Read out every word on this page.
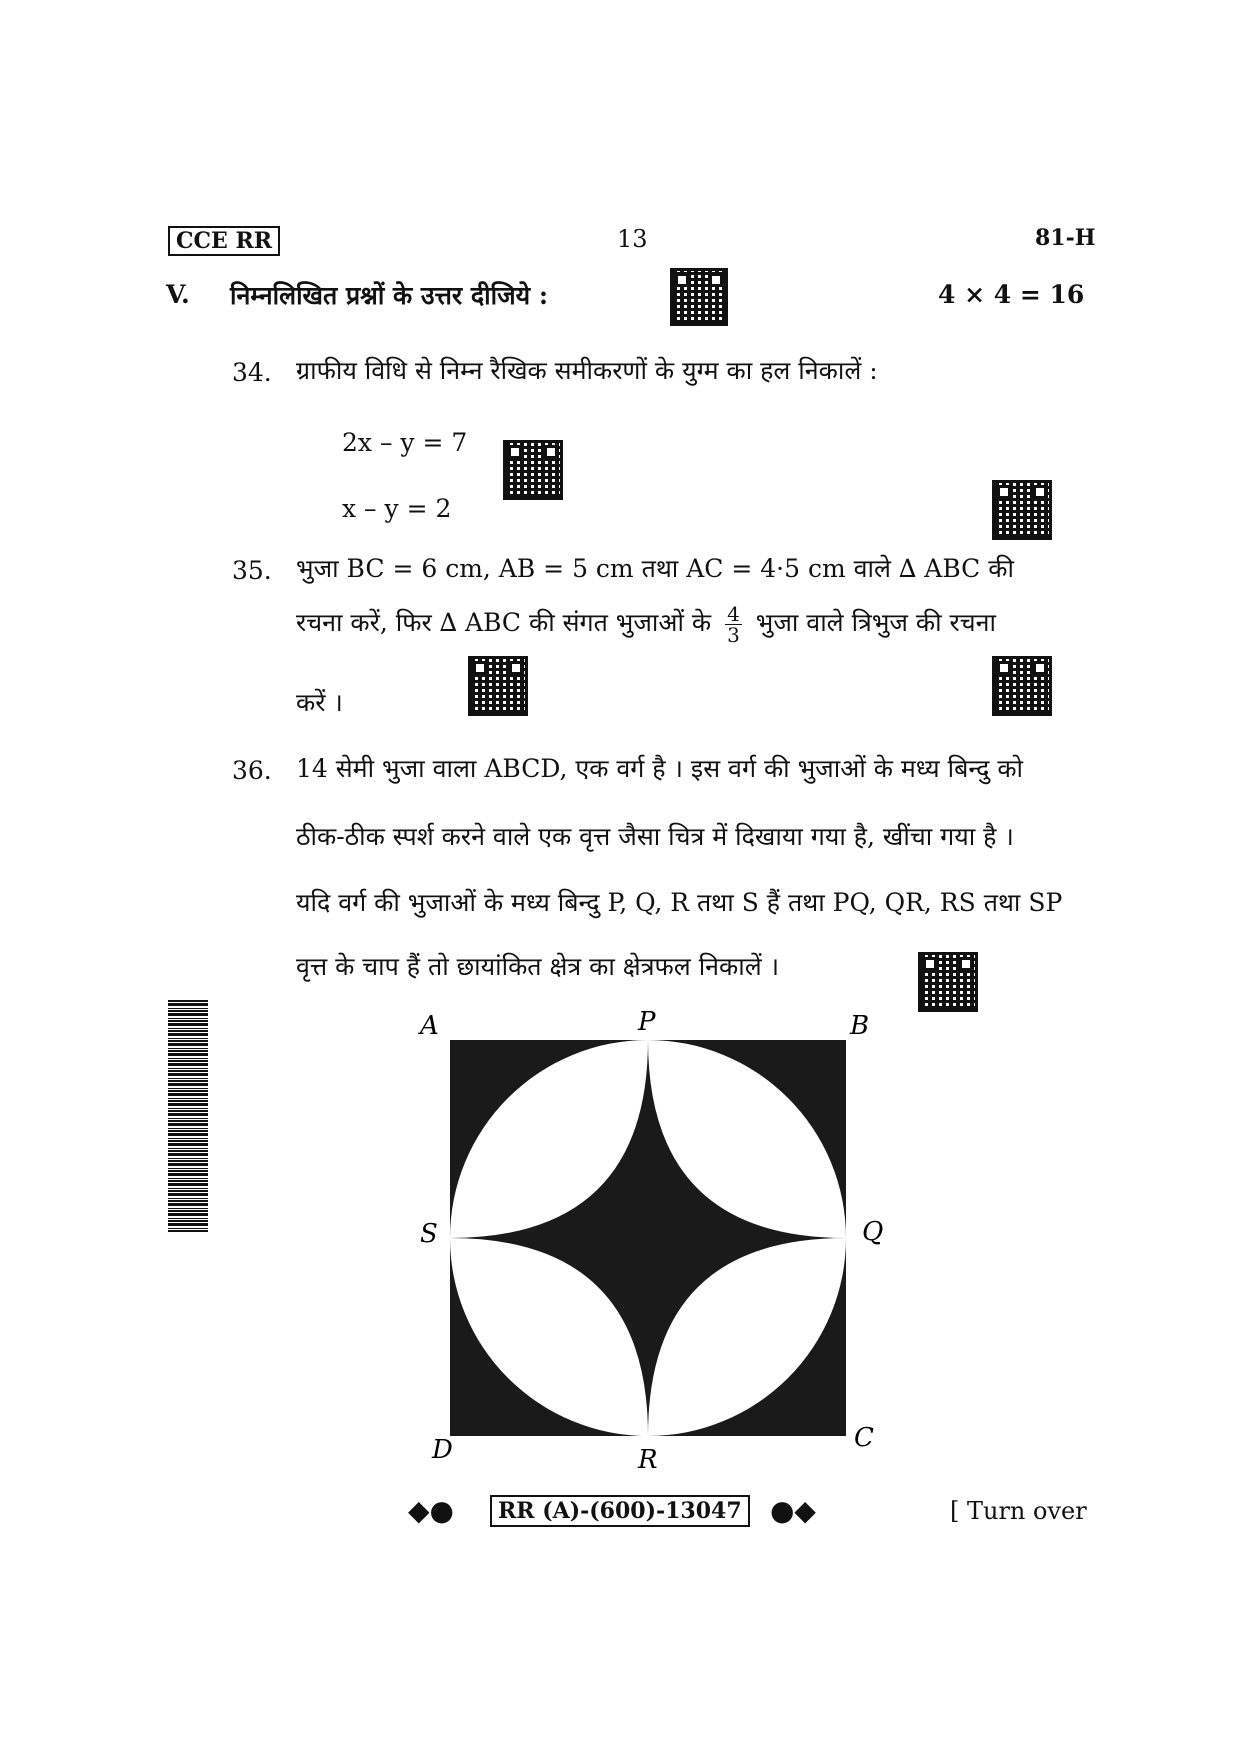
CCE RR	13	81-H
V. निम्नलिखित प्रश्नों के उत्तर दीजिये :	4 × 4 = 16
34. ग्राफीय विधि से निम्न रैखिक समीकरणों के युग्म का हल निकालें :
2x – y = 7
x – y = 2
35. भुजा BC = 6 cm, AB = 5 cm तथा AC = 4·5 cm वाले ∆ ABC की
रचना करें, फिर ∆ ABC की संगत भुजाओं के $\frac{4}{3}$ भुजा वाले त्रिभुज की रचना
करें ।
36. 14 सेमी भुजा वाला ABCD, एक वर्ग है । इस वर्ग की भुजाओं के मध्य बिन्दु को
ठीक-ठीक स्पर्श करने वाले एक वृत्त जैसा चित्र में दिखाया गया है, खींचा गया है ।
यदि वर्ग की भुजाओं के मध्य बिन्दु P, Q, R तथा S हैं तथा PQ, QR, RS तथा SP
वृत्त के चाप हैं तो छायांकित क्षेत्र का क्षेत्रफल निकालें ।
A	P	B
S	Q
D	R
C
◆●	RR (A)-(600)-13047 ●◆	[ Turn over
